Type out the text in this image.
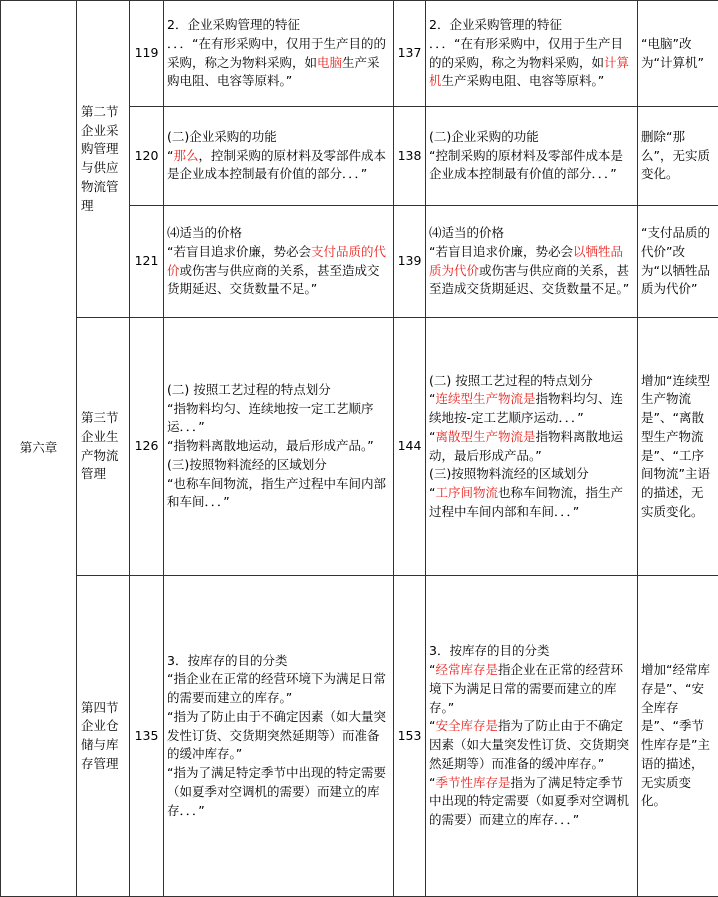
第六章	第二节企业采购管理与供应物流管理	119	2．企业采购管理的特征
．．．“在有形采购中，仅用于生产目的的采购，称之为物料采购，如电脑生产采购电阻、电容等原料。”	137	2．企业采购管理的特征
．．．“在有形采购中，仅用于生产目的的采购，称之为物料采购，如计算机生产采购电阻、电容等原料。”	“电脑”改为“计算机”
		120	(二)企业采购的功能
“那么，控制采购的原材料及零部件成本是企业成本控制最有价值的部分．．．”	138	(二)企业采购的功能
“控制采购的原材料及零部件成本是企业成本控制最有价值的部分．．．”	删除“那么”，无实质变化。
		121	⑷适当的价格
“若盲目追求价廉，势必会支付品质的代价或伤害与供应商的关系，甚至造成交货期延迟、交货数量不足。”	139	⑷适当的价格
“若盲目追求价廉，势必会以牺牲品质为代价或伤害与供应商的关系，甚至造成交货期延迟、交货数量不足。”	“支付品质的代价”改为“以牺牲品质为代价”
	第三节企业生产物流管理	126	(二) 按照工艺过程的特点划分
“指物料均匀、连续地按一定工艺顺序运．．．”
“指物料离散地运动，最后形成产品。”
(三)按照物料流经的区域划分
“也称车间物流，指生产过程中车间内部和车间．．．”	144	(二) 按照工艺过程的特点划分
“连续型生产物流是指物料均匀、连续地按-定工艺顺序运动．．．”
“离散型生产物流是指物料离散地运动，最后形成产品。”
(三)按照物料流经的区域划分
“工序间物流也称车间物流，指生产过程中车间内部和车间．．．”	增加“连续型生产物流是”、“离散型生产物流是”、“工序间物流”主语的描述，无实质变化。
	第四节企业仓储与库存管理	135	3．按库存的目的分类
“指企业在正常的经营环境下为满足日常的需要而建立的库存。”
“指为了防止由于不确定因素（如大量突发性订货、交货期突然延期等）而准备的缓冲库存。”
“指为了满足特定季节中出现的特定需要（如夏季对空调机的需要）而建立的库存．．．”	153	3．按库存的目的分类
“经常库存是指企业在正常的经营环境下为满足日常的需要而建立的库存。”
“安全库存是指为了防止由于不确定因素（如大量突发性订货、交货期突然延期等）而准备的缓冲库存。”
“季节性库存是指为了满足特定季节中出现的特定需要（如夏季对空调机的需要）而建立的库存．．．”	增加“经常库存是”、“安全库存是”、“季节性库存是”主语的描述，无实质变化。
